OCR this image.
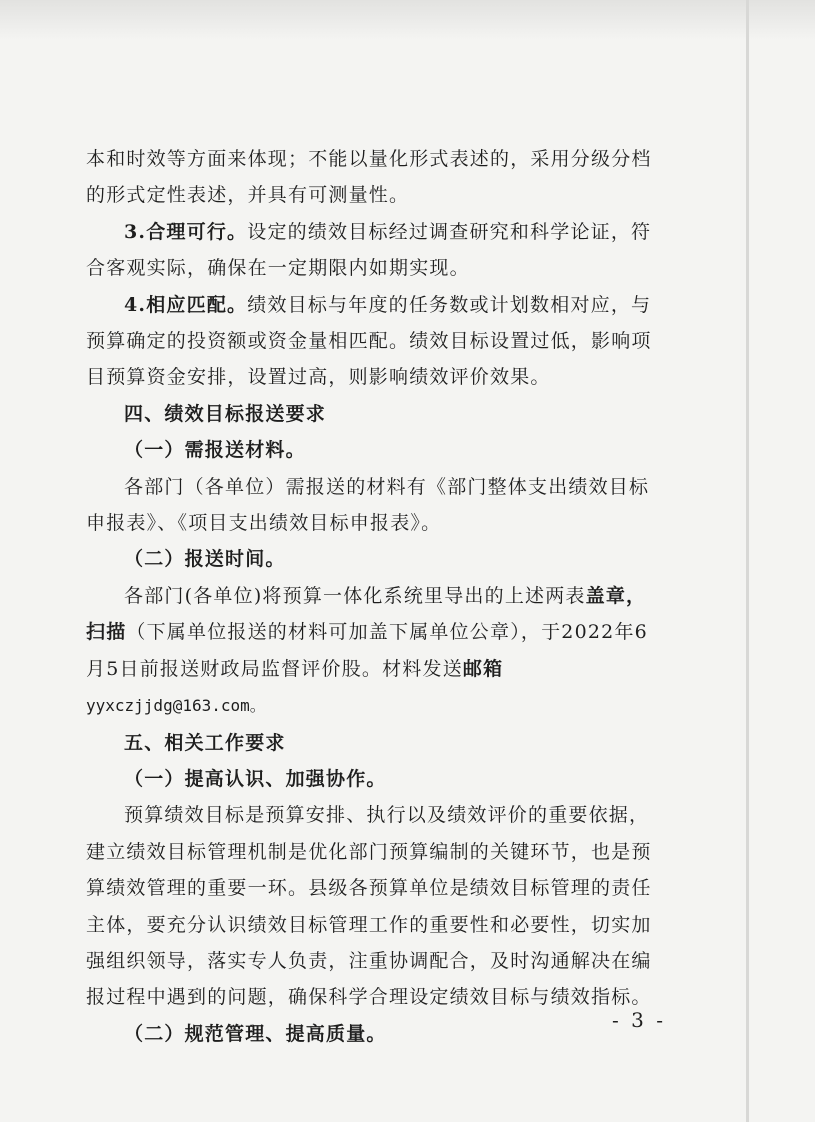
本和时效等方面来体现；不能以量化形式表述的，采用分级分档的形式定性表述，并具有可测量性。

3.合理可行。设定的绩效目标经过调查研究和科学论证，符合客观实际，确保在一定期限内如期实现。

4.相应匹配。绩效目标与年度的任务数或计划数相对应，与预算确定的投资额或资金量相匹配。绩效目标设置过低，影响项目预算资金安排，设置过高，则影响绩效评价效果。

四、绩效目标报送要求

（一）需报送材料。

各部门（各单位）需报送的材料有《部门整体支出绩效目标申报表》、《项目支出绩效目标申报表》。

（二）报送时间。

各部门(各单位)将预算一体化系统里导出的上述两表盖章，扫描（下属单位报送的材料可加盖下属单位公章），于2022年6月5日前报送财政局监督评价股。材料发送邮箱yyxczjjdg@163.com。

五、相关工作要求

（一）提高认识、加强协作。

预算绩效目标是预算安排、执行以及绩效评价的重要依据，建立绩效目标管理机制是优化部门预算编制的关键环节，也是预算绩效管理的重要一环。县级各预算单位是绩效目标管理的责任主体，要充分认识绩效目标管理工作的重要性和必要性，切实加强组织领导，落实专人负责，注重协调配合，及时沟通解决在编报过程中遇到的问题，确保科学合理设定绩效目标与绩效指标。

（二）规范管理、提高质量。

- 3 -
